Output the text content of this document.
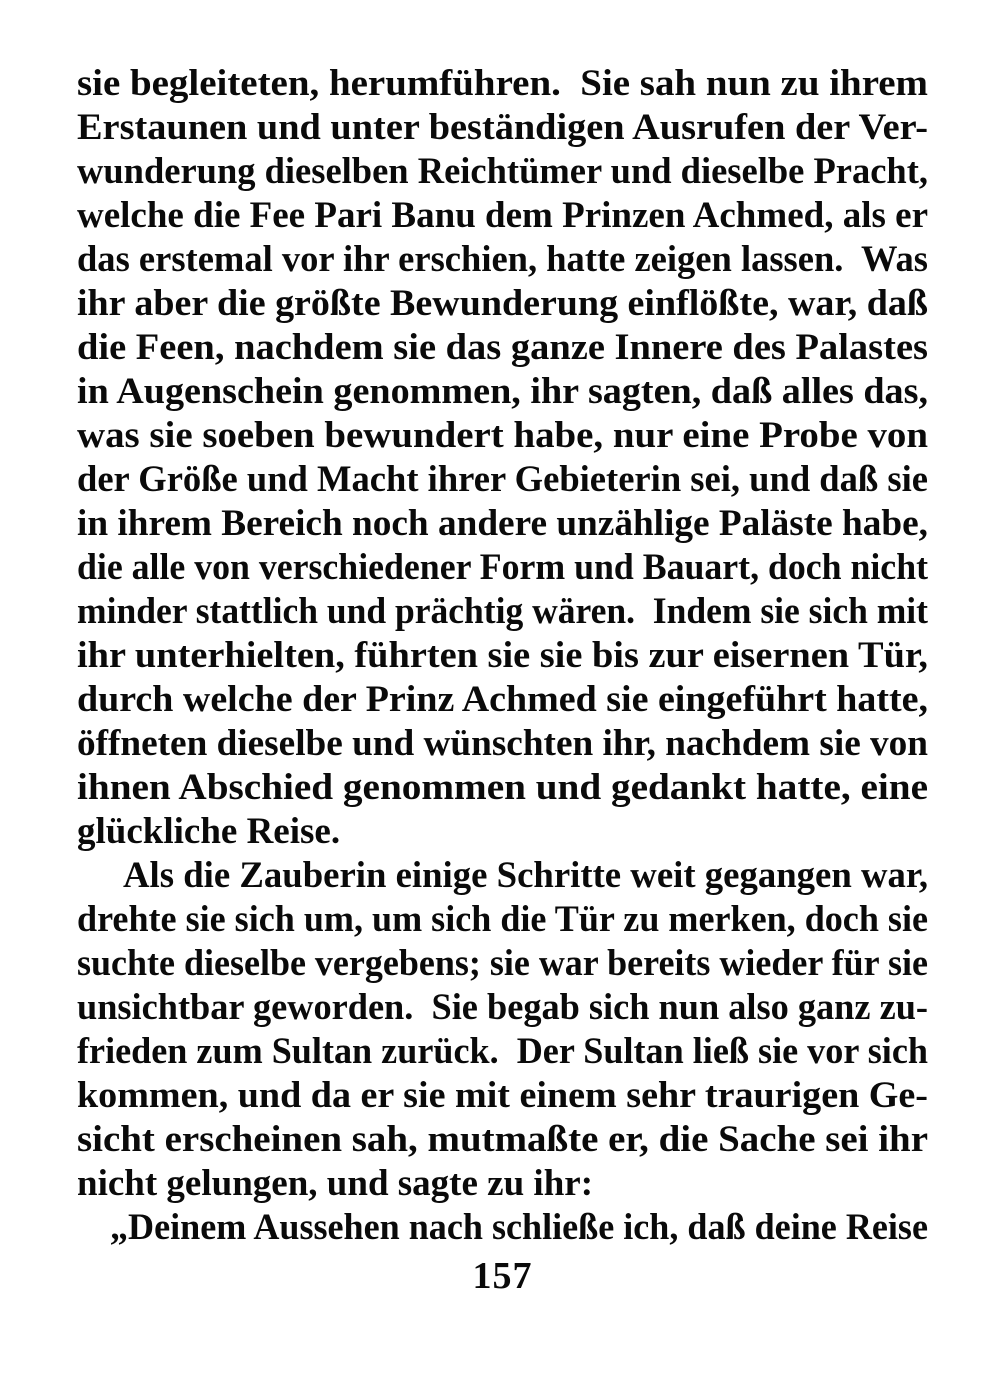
sie begleiteten, herumführen.  Sie sah nun zu ihrem
Erstaunen und unter beständigen Ausrufen der Ver-
wunderung dieselben Reichtümer und dieselbe Pracht,
welche die Fee Pari Banu dem Prinzen Achmed, als er
das erstemal vor ihr erschien, hatte zeigen lassen.  Was
ihr aber die größte Bewunderung einflößte, war, daß
die Feen, nachdem sie das ganze Innere des Palastes
in Augenschein genommen, ihr sagten, daß alles das,
was sie soeben bewundert habe, nur eine Probe von
der Größe und Macht ihrer Gebieterin sei, und daß sie
in ihrem Bereich noch andere unzählige Paläste habe,
die alle von verschiedener Form und Bauart, doch nicht
minder stattlich und prächtig wären.  Indem sie sich mit
ihr unterhielten, führten sie sie bis zur eisernen Tür,
durch welche der Prinz Achmed sie eingeführt hatte,
öffneten dieselbe und wünschten ihr, nachdem sie von
ihnen Abschied genommen und gedankt hatte, eine
glückliche Reise.
Als die Zauberin einige Schritte weit gegangen war,
drehte sie sich um, um sich die Tür zu merken, doch sie
suchte dieselbe vergebens; sie war bereits wieder für sie
unsichtbar geworden.  Sie begab sich nun also ganz zu-
frieden zum Sultan zurück.  Der Sultan ließ sie vor sich
kommen, und da er sie mit einem sehr traurigen Ge-
sicht erscheinen sah, mutmaßte er, die Sache sei ihr
nicht gelungen, und sagte zu ihr:
„Deinem Aussehen nach schließe ich, daß deine Reise
157
